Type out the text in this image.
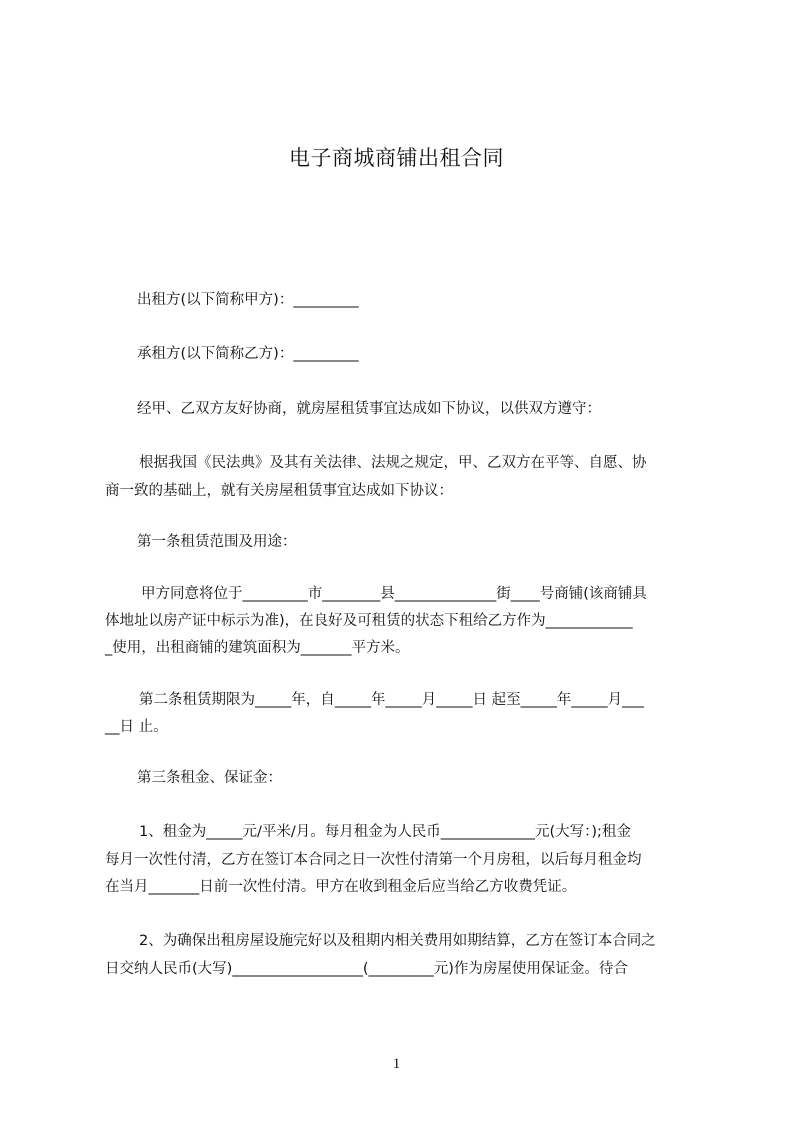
电子商城商铺出租合同

出租方(以下简称甲方)：_________

承租方(以下简称乙方)：_________

经甲、乙双方友好协商，就房屋租赁事宜达成如下协议，以供双方遵守：

根据我国《民法典》及其有关法律、法规之规定，甲、乙双方在平等、自愿、协

商一致的基础上，就有关房屋租赁事宜达成如下协议：

第一条租赁范围及用途：

甲方同意将位于_________市________县______________街____号商铺(该商铺具

体地址以房产证中标示为准)，在良好及可租赁的状态下租给乙方作为____________

_使用，出租商铺的建筑面积为_______平方米。

第二条租赁期限为_____年，自_____年_____月_____日 起至_____年_____月___

__日 止。

第三条租金、保证金：

1、租金为_____元/平米/月。每月租金为人民币_____________元(大写：);租金

每月一次性付清，乙方在签订本合同之日一次性付清第一个月房租，以后每月租金均

在当月_______日前一次性付清。甲方在收到租金后应当给乙方收费凭证。

2、为确保出租房屋设施完好以及租期内相关费用如期结算，乙方在签订本合同之

日交纳人民币(大写)__________________(_________元)作为房屋使用保证金。待合

1
